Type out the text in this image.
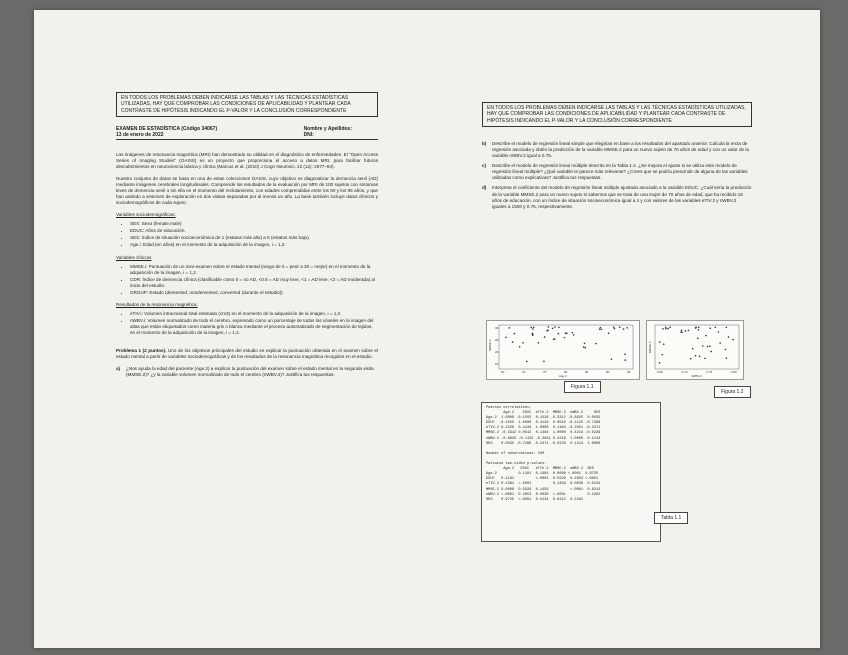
EN TODOS LOS PROBLEMAS DEBEN INDICARSE LAS TABLAS Y LAS TÉCNICAS ESTADÍSTICAS UTILIZADAS, HAY QUE COMPROBAR LAS CONDICIONES DE APLICABILIDAD Y PLANTEAR CADA CONTRASTE DE HIPÓTESIS INDICANDO EL P-VALOR Y LA CONCLUSIÓN CORRESPONDIENTE
EXAMEN DE ESTADÍSTICA (Código 34067)
13 de enero de 2022
Nombre y Apellidos:
DNI:

Las imágenes de resonancia magnética (MRI) han demostrado su utilidad en el diagnóstico de enfermedades. El "Open Access Series of Imaging Studies" (OASIS) es un proyecto que proporciona el acceso a datos MRI, para facilitar futuros descubrimientos en neurociencia básica y clínica (Marcus et al. (2010) J Cogn Neurosci, 22 (12): 2677–84).

Nuestro conjunto de datos se basa en una de estas colecciones OASIS, cuyo objetivo es diagnosticar la demencia senil (AD) mediante imágenes cerebrales longitudinales. Comprende los resultados de la evaluación por MRI de 100 sujetos con síntomas leves de demencia senil o sin ella en el momento del reclutamiento, con edades comprendidas entre los 60 y los 95 años, y que han asistido a sesiones de exploración en dos visitas separadas por al menos un año. La base también incluye datos clínicos y sociodemográficos de cada sujeto:

Variables sociodemográficas:
• SEX: Sexo (female,male)
• EDUC: Años de educación.
• SES: Índice de situación socioeconómica de 1 (estatus más alto) a 5 (estatus más bajo).
• Age.i: Edad (en años) en el momento de la adquisición de la imagen, i = 1,2.
Variables clínicas
• MMSE.i: Puntuación de un mini-examen sobre el estado mental (rango de 0 = peor a 30 = mejor) en el momento de la adquisición de la imagen, i = 1,2.
• CDR: Índice de demencia clínica (clasificable como 0 = no AD, <0.5 = AD muy leve, <1 = AD leve, <2 = AD moderada) al inicio del estudio.
• GROUP: Estado (demented, nondemented, converted (durante el estudio))
Resultados de la resonancia magnética:
• eTIV.i: Volumen intracraneal total estimado (cm3) en el momento de la adquisición de la imagen, i = 1,2.
• nWBV.i: Volumen normalizado de todo el cerebro, expresado como un porcentaje de todos los vóxeles en la imagen del atlas que están etiquetados como materia gris o blanca mediante el proceso automatizado de segmentación de tejidos, en el momento de la adquisición de la imagen, i = 1,2.

Problema 1 (2 puntos). Uno de los objetivos principales del estudio es explicar la puntuación obtenida en el examen sobre el estado mental a partir de variables sociodemográficas y de los resultados de la resonancia magnética recogidos en el estudio.

a)	¿Nos ayuda la edad del paciente (Age.2) a explicar la puntuación del examen sobre el estado mental en la segunda visita (MMSE.2)? ¿y la variable volumen normalizado de todo el cerebro (nWBV.2)? Justifica tus respuestas.
EN TODOS LOS PROBLEMAS DEBEN INDICARSE LAS TABLAS Y LAS TÉCNICAS ESTADÍSTICAS UTILIZADAS, HAY QUE COMPROBAR LAS CONDICIONES DE APLICABILIDAD Y PLANTEAR CADA CONTRASTE DE HIPÓTESIS INDICANDO EL P-VALOR Y LA CONCLUSIÓN CORRESPONDIENTE
b)	Describe el modelo de regresión lineal simple que elegirías en base a los resultados del apartado anterior. Calcula la recta de regresión asociada y obtén la predicción de la variable MMSE.2 para un nuevo sujeto de 70 años de edad y con un valor de la variable nWBV.2 igual a 0.75.
c)	Describe el modelo de regresión lineal múltiple descrito en la Tabla 1.4. ¿Se mejora el ajuste si se utiliza este modelo de regresión lineal múltiple? ¿Qué variable te parece más relevante? ¿Crees que se podría prescindir de alguna de las variables utilizadas como explicativas? Justifica tus respuestas.
d)	Interpreta el coeficiente del modelo de regresión lineal múltiple ajustado asociado a la variable EDUC. ¿Cuál sería la predicción de la variable MMSE.2 para un nuevo sujeto si sabemos que se trata de una mujer de 70 años de edad, que ha recibido 18 años de educación, con un índice de situación socioeconómica igual a 4 y con valores de las variables eTIV.2 y nWBV.2 iguales a 1500 y 0.75, respectivamente.
MMSE.2
30
25
20
15
60	70	75	80	85	90	95
Age.2
Figura 1.1
MMSE.2
0.65	0.70	0.75	0.80
nWBV.2
Figura 1.2
Pearson correlations:
Age.2    EDUC  eTIV.2  MMSE.2  nWBV.2     SES
Age.2  1.0000 -0.1555  0.1526 -0.3312 -0.6825  0.0035
EDUC  -0.1555  1.0000  0.4129  0.0542 -0.1125 -0.7268
eTIV.2 0.1526  0.4129  1.0000  0.1464 -0.2951 -0.2471
MMSE.2 -0.3312 0.0542  0.1464  1.0000  0.4219 -0.0229
nWBV.2 -0.6825 -0.1125 -0.2951 0.4219  1.0000  0.1213
SES    0.0035 -0.7268 -0.2471 -0.0229  0.1213  1.0000

Number of observations: 100

Pairwise two-sided p-values:
Age.2   EDUC   eTIV.2  MMSE.2  nWBV.2  SES
Age.2          0.1181  0.1381  0.0008 <.0001  0.9725
EDUC   0.1181          <.0001  0.5929  0.2653 <.0001
eTIV.2 0.1381  <.0001          0.1459  0.0030  0.0134
MMSE.2 0.0008  0.5929  0.1459          <.0001  0.8212
nWBV.2 <.0001  0.2653  0.0030  <.0001          0.2292
SES    0.9725  <.0001  0.0134  0.8212  0.2292
Tabla 1.1
